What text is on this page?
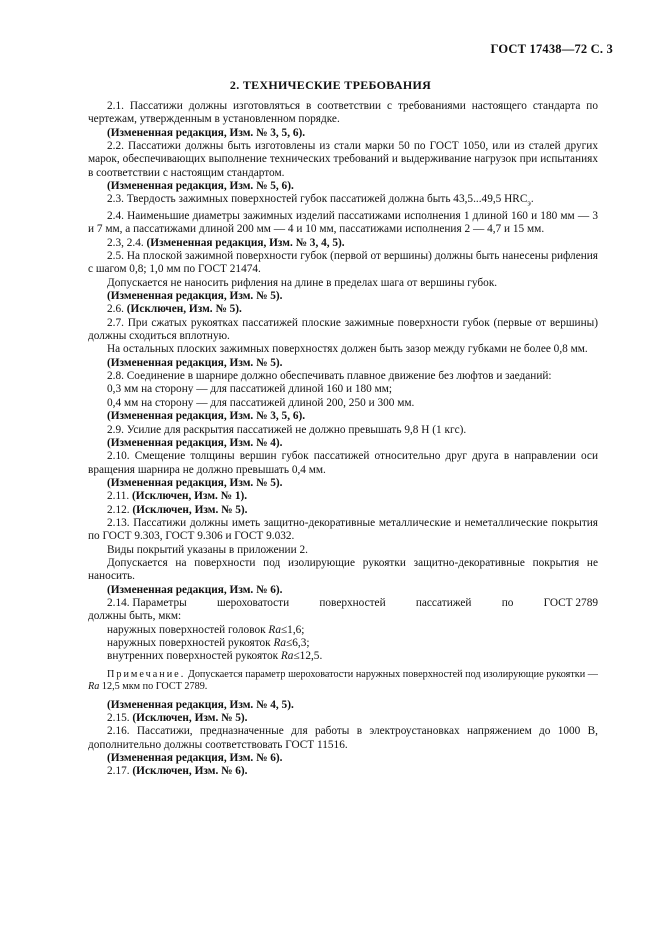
ГОСТ 17438—72 С. 3
2. ТЕХНИЧЕСКИЕ ТРЕБОВАНИЯ

2.1. Пассатижи должны изготовляться в соответствии с требованиями настоящего стандарта по чертежам, утвержденным в установленном порядке.

(Измененная редакция, Изм. № 3, 5, 6).

2.2. Пассатижи должны быть изготовлены из стали марки 50 по ГОСТ 1050, или из сталей других марок, обеспечивающих выполнение технических требований и выдерживание нагрузок при испытаниях в соответствии с настоящим стандартом.

(Измененная редакция, Изм. № 5, 6).

2.3. Твердость зажимных поверхностей губок пассатижей должна быть 43,5...49,5 $HRC_э$.

2.4. Наименьшие диаметры зажимных изделий пассатижами исполнения 1 длиной 160 и 180 мм — 3 и 7 мм, а пассатижами длиной 200 мм — 4 и 10 мм, пассатижами исполнения 2 — 4,7 и 15 мм.

2.3, 2.4. (Измененная редакция, Изм. № 3, 4, 5).

2.5. На плоской зажимной поверхности губок (первой от вершины) должны быть нанесены рифления с шагом 0,8; 1,0 мм по ГОСТ 21474.

Допускается не наносить рифления на длине в пределах шага от вершины губок.

(Измененная редакция, Изм. № 5).

2.6. (Исключен, Изм. № 5).

2.7. При сжатых рукоятках пассатижей плоские зажимные поверхности губок (первые от вершины) должны сходиться вплотную.

На остальных плоских зажимных поверхностях должен быть зазор между губками не более 0,8 мм.

(Измененная редакция, Изм. № 5).

2.8. Соединение в шарнире должно обеспечивать плавное движение без люфтов и заеданий:

0,3 мм на сторону — для пассатижей длиной 160 и 180 мм;

0,4 мм на сторону — для пассатижей длиной 200, 250 и 300 мм.

(Измененная редакция, Изм. № 3, 5, 6).

2.9. Усилие для раскрытия пассатижей не должно превышать 9,8 Н (1 кгс).

(Измененная редакция, Изм. № 4).

2.10. Смещение толщины вершин губок пассатижей относительно друг друга в направлении оси вращения шарнира не должно превышать 0,4 мм.

(Измененная редакция, Изм. № 5).

2.11. (Исключен, Изм. № 1).

2.12. (Исключен, Изм. № 5).

2.13. Пассатижи должны иметь защитно-декоративные металлические и неметаллические покрытия по ГОСТ 9.303, ГОСТ 9.306 и ГОСТ 9.032.

Виды покрытий указаны в приложении 2.

Допускается на поверхности под изолирующие рукоятки защитно-декоративные покрытия не наносить.

(Измененная редакция, Изм. № 6).

2.14. Параметры	шероховатости	поверхностей	пассатижей	по	ГОСТ 2789

должны быть, мкм:

наружных поверхностей головок Ra≤1,6;

наружных поверхностей рукояток Ra≤6,3;

внутренних поверхностей рукояток Ra≤12,5.

Примечание. Допускается параметр шероховатости наружных поверхностей под изолирующие рукоятки — Ra 12,5 мкм по ГОСТ 2789.

(Измененная редакция, Изм. № 4, 5).

2.15. (Исключен, Изм. № 5).

2.16. Пассатижи, предназначенные для работы в электроустановках напряжением до 1000 В, дополнительно должны соответствовать ГОСТ 11516.

(Измененная редакция, Изм. № 6).

2.17. (Исключен, Изм. № 6).
